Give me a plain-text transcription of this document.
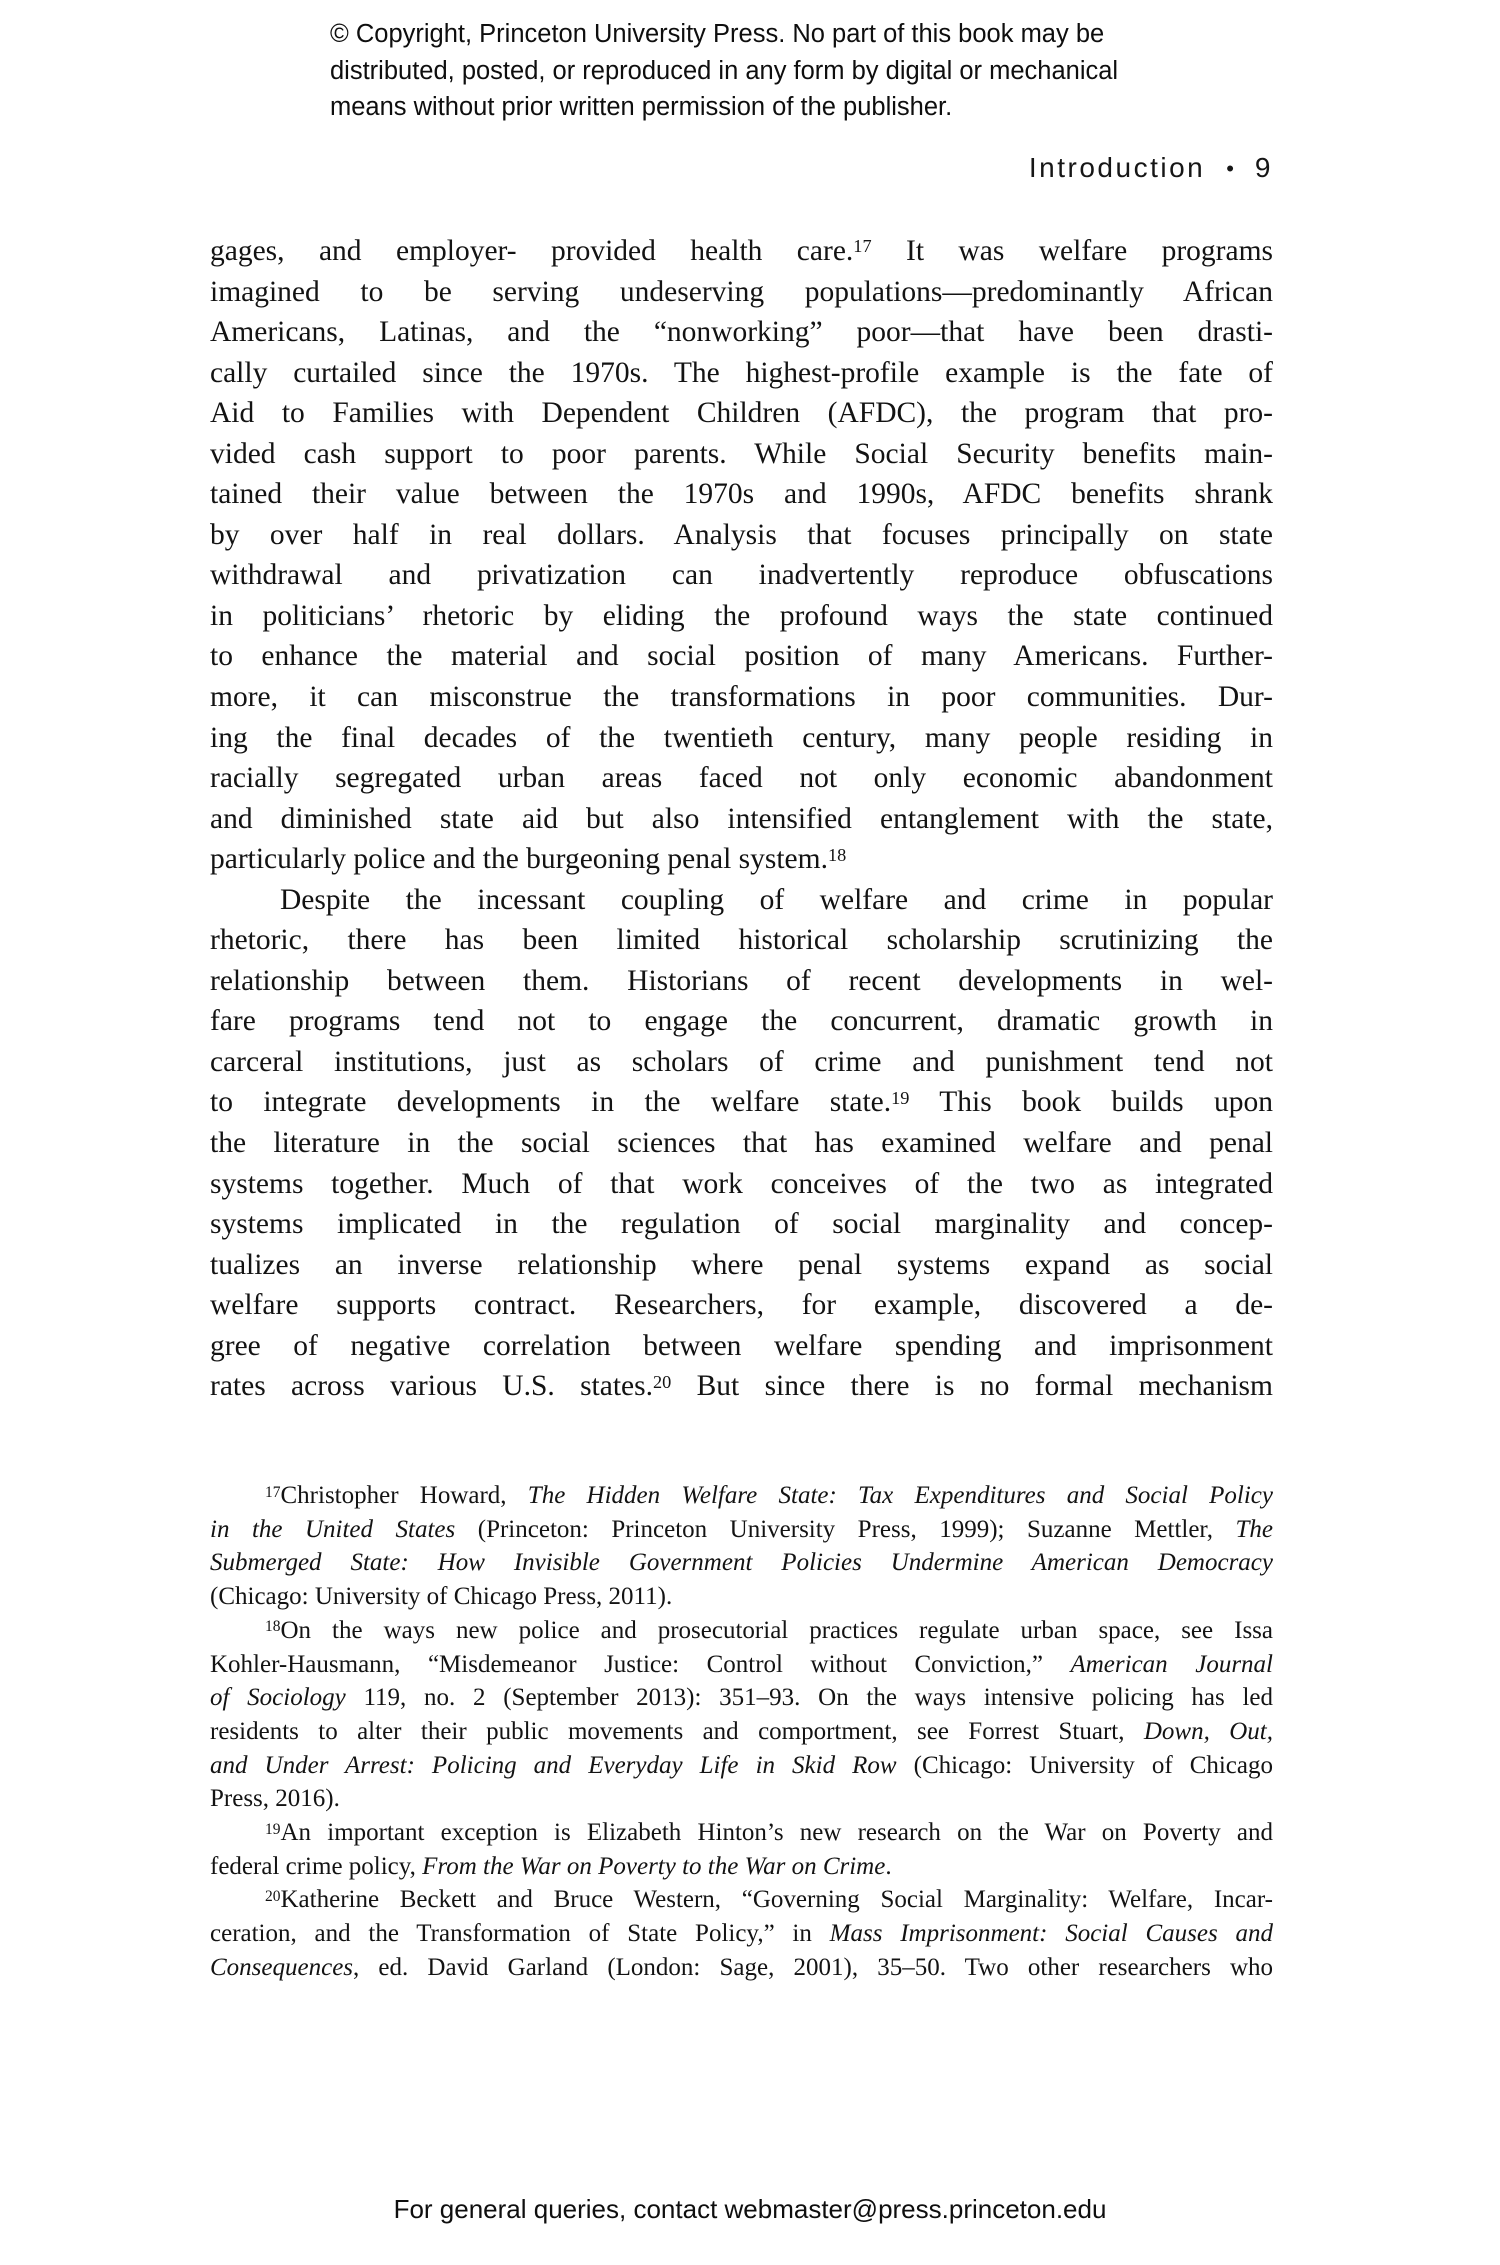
© Copyright, Princeton University Press. No part of this book may be
distributed, posted, or reproduced in any form by digital or mechanical
means without prior written permission of the publisher.
Introduction • 9
gages, and employer- provided health care.$^{17}$ It was welfare programs
imagined to be serving undeserving populations—predominantly African
Americans, Latinas, and the “nonworking” poor—that have been drasti-
cally curtailed since the 1970s. The highest-profile example is the fate of
Aid to Families with Dependent Children (AFDC), the program that pro-
vided cash support to poor parents. While Social Security benefits main-
tained their value between the 1970s and 1990s, AFDC benefits shrank
by over half in real dollars. Analysis that focuses principally on state
withdrawal and privatization can inadvertently reproduce obfuscations
in politicians’ rhetoric by eliding the profound ways the state continued
to enhance the material and social position of many Americans. Further-
more, it can misconstrue the transformations in poor communities. Dur-
ing the final decades of the twentieth century, many people residing in
racially segregated urban areas faced not only economic abandonment
and diminished state aid but also intensified entanglement with the state,
particularly police and the burgeoning penal system.$^{18}$
Despite the incessant coupling of welfare and crime in popular
rhetoric, there has been limited historical scholarship scrutinizing the
relationship between them. Historians of recent developments in wel-
fare programs tend not to engage the concurrent, dramatic growth in
carceral institutions, just as scholars of crime and punishment tend not
to integrate developments in the welfare state.$^{19}$ This book builds upon
the literature in the social sciences that has examined welfare and penal
systems together. Much of that work conceives of the two as integrated
systems implicated in the regulation of social marginality and concep-
tualizes an inverse relationship where penal systems expand as social
welfare supports contract. Researchers, for example, discovered a de-
gree of negative correlation between welfare spending and imprisonment
rates across various U.S. states.$^{20}$ But since there is no formal mechanism
$^{17}$Christopher Howard, The Hidden Welfare State: Tax Expenditures and Social Policy
in the United States (Princeton: Princeton University Press, 1999); Suzanne Mettler, The
Submerged State: How Invisible Government Policies Undermine American Democracy
(Chicago: University of Chicago Press, 2011).
$^{18}$On the ways new police and prosecutorial practices regulate urban space, see Issa
Kohler-Hausmann, “Misdemeanor Justice: Control without Conviction,” American Journal
of Sociology 119, no. 2 (September 2013): 351–93. On the ways intensive policing has led
residents to alter their public movements and comportment, see Forrest Stuart, Down, Out,
and Under Arrest: Policing and Everyday Life in Skid Row (Chicago: University of Chicago
Press, 2016).
$^{19}$An important exception is Elizabeth Hinton’s new research on the War on Poverty and
federal crime policy, From the War on Poverty to the War on Crime.
$^{20}$Katherine Beckett and Bruce Western, “Governing Social Marginality: Welfare, Incar-
ceration, and the Transformation of State Policy,” in Mass Imprisonment: Social Causes and
Consequences, ed. David Garland (London: Sage, 2001), 35–50. Two other researchers who
For general queries, contact webmaster@press.princeton.edu
